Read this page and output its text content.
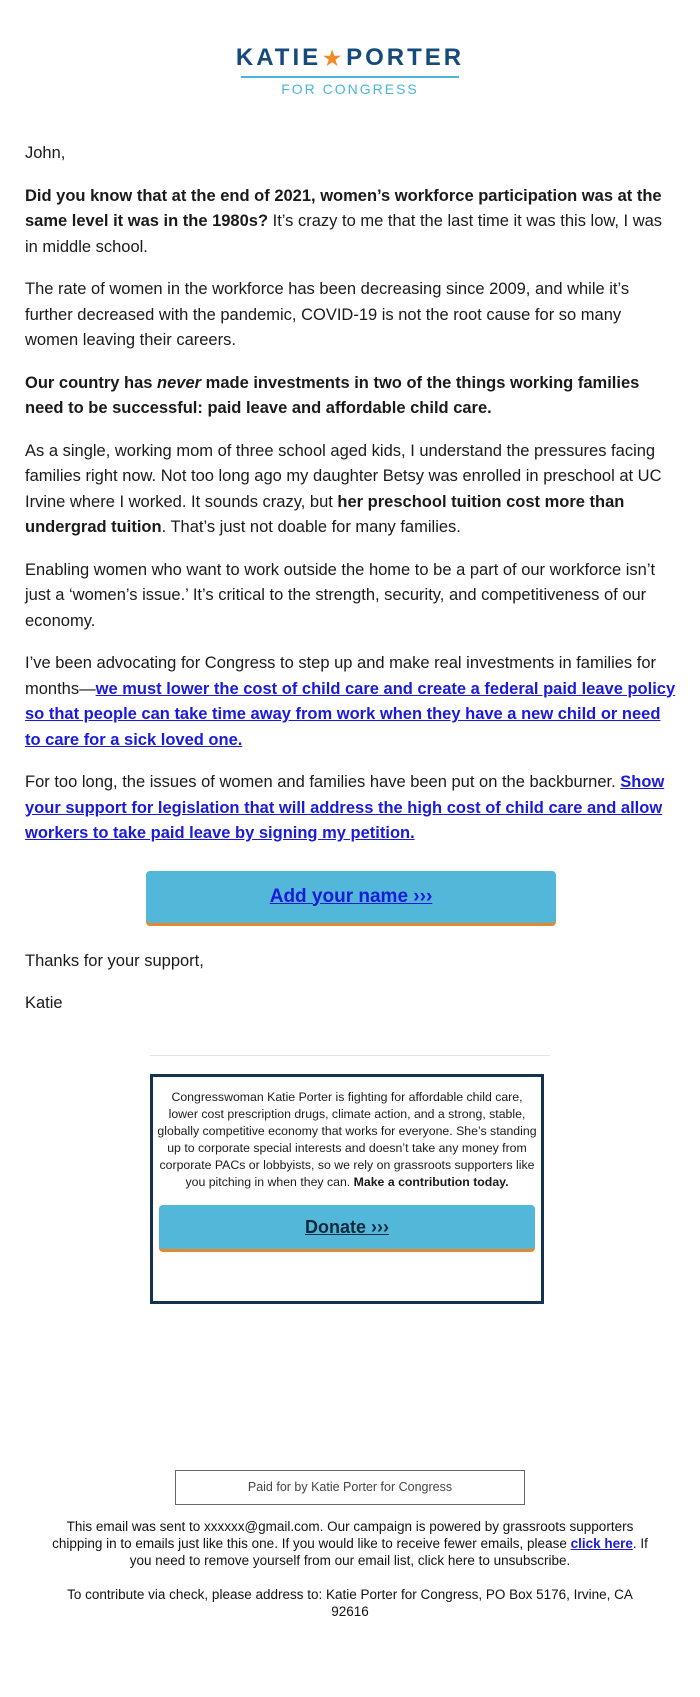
KATIE ★PORTER
FOR CONGRESS

John,

Did you know that at the end of 2021, women’s workforce participation was at the same level it was in the 1980s? It’s crazy to me that the last time it was this low, I was in middle school.

The rate of women in the workforce has been decreasing since 2009, and while it’s further decreased with the pandemic, COVID-19 is not the root cause for so many women leaving their careers.

Our country has never made investments in two of the things working families need to be successful: paid leave and affordable child care.

As a single, working mom of three school aged kids, I understand the pressures facing families right now. Not too long ago my daughter Betsy was enrolled in preschool at UC Irvine where I worked. It sounds crazy, but her preschool tuition cost more than undergrad tuition. That’s just not doable for many families.

Enabling women who want to work outside the home to be a part of our workforce isn’t just a ‘women’s issue.’ It’s critical to the strength, security, and competitiveness of our economy.

I’ve been advocating for Congress to step up and make real investments in families for months—we must lower the cost of child care and create a federal paid leave policy so that people can take time away from work when they have a new child or need to care for a sick loved one.

For too long, the issues of women and families have been put on the backburner. Show your support for legislation that will address the high cost of child care and allow workers to take paid leave by signing my petition.

Add your name ›››

Thanks for your support,

Katie

Congresswoman Katie Porter is fighting for affordable child care, lower cost prescription drugs, climate action, and a strong, stable, globally competitive economy that works for everyone. She’s standing up to corporate special interests and doesn’t take any money from corporate PACs or lobbyists, so we rely on grassroots supporters like you pitching in when they can. Make a contribution today.
Donate ›››
Paid for by Katie Porter for Congress

This email was sent to xxxxxx@gmail.com. Our campaign is powered by grassroots supporters chipping in to emails just like this one. If you would like to receive fewer emails, please click here. If you need to remove yourself from our email list, click here to unsubscribe.

To contribute via check, please address to: Katie Porter for Congress, PO Box 5176, Irvine, CA 92616
